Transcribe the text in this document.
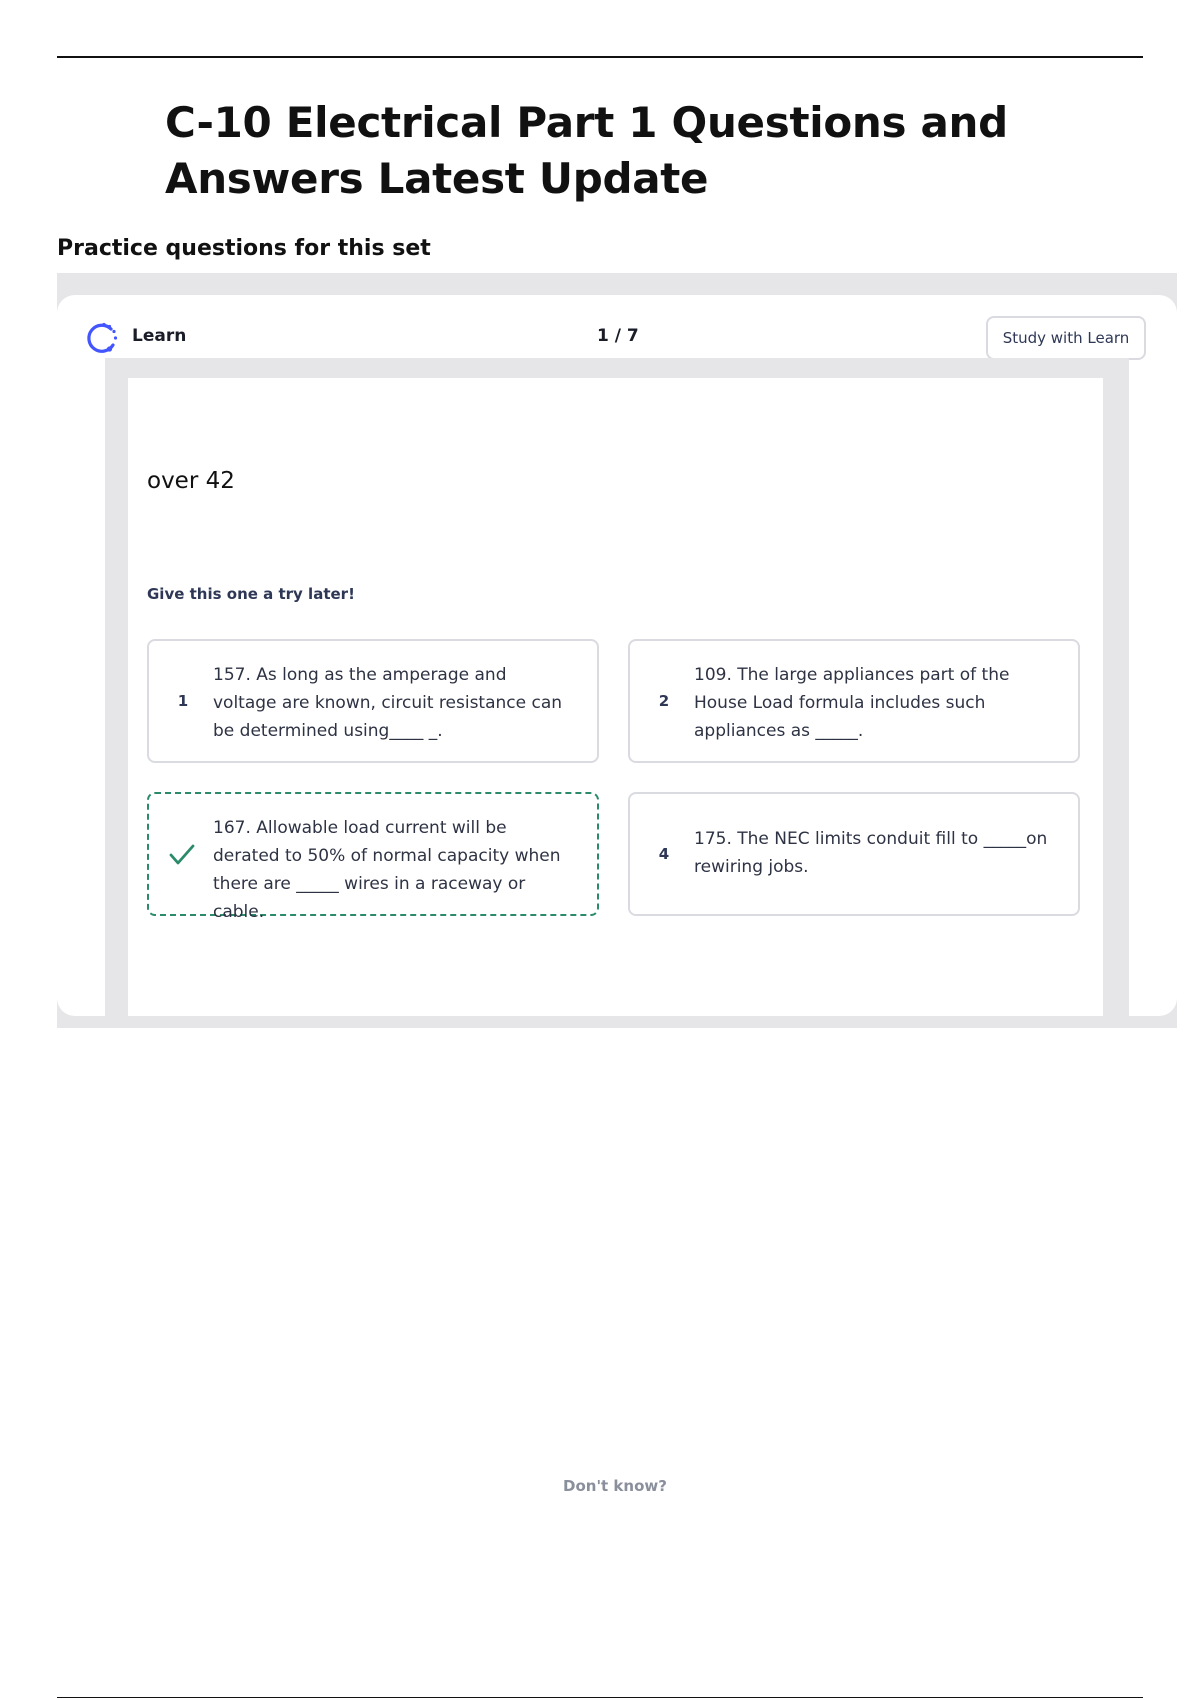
C-10 Electrical Part 1 Questions and Answers Latest Update
Practice questions for this set
Learn	1 / 7	Study with Learn
over 42
Give this one a try later!
1
157. As long as the amperage and voltage are known, circuit resistance can be determined using____ _.
2
109. The large appliances part of the House Load formula includes such appliances as _____.
167. Allowable load current will be derated to 50% of normal capacity when there are _____ wires in a raceway or cable.
4
175. The NEC limits conduit fill to _____on rewiring jobs.
Don't know?
